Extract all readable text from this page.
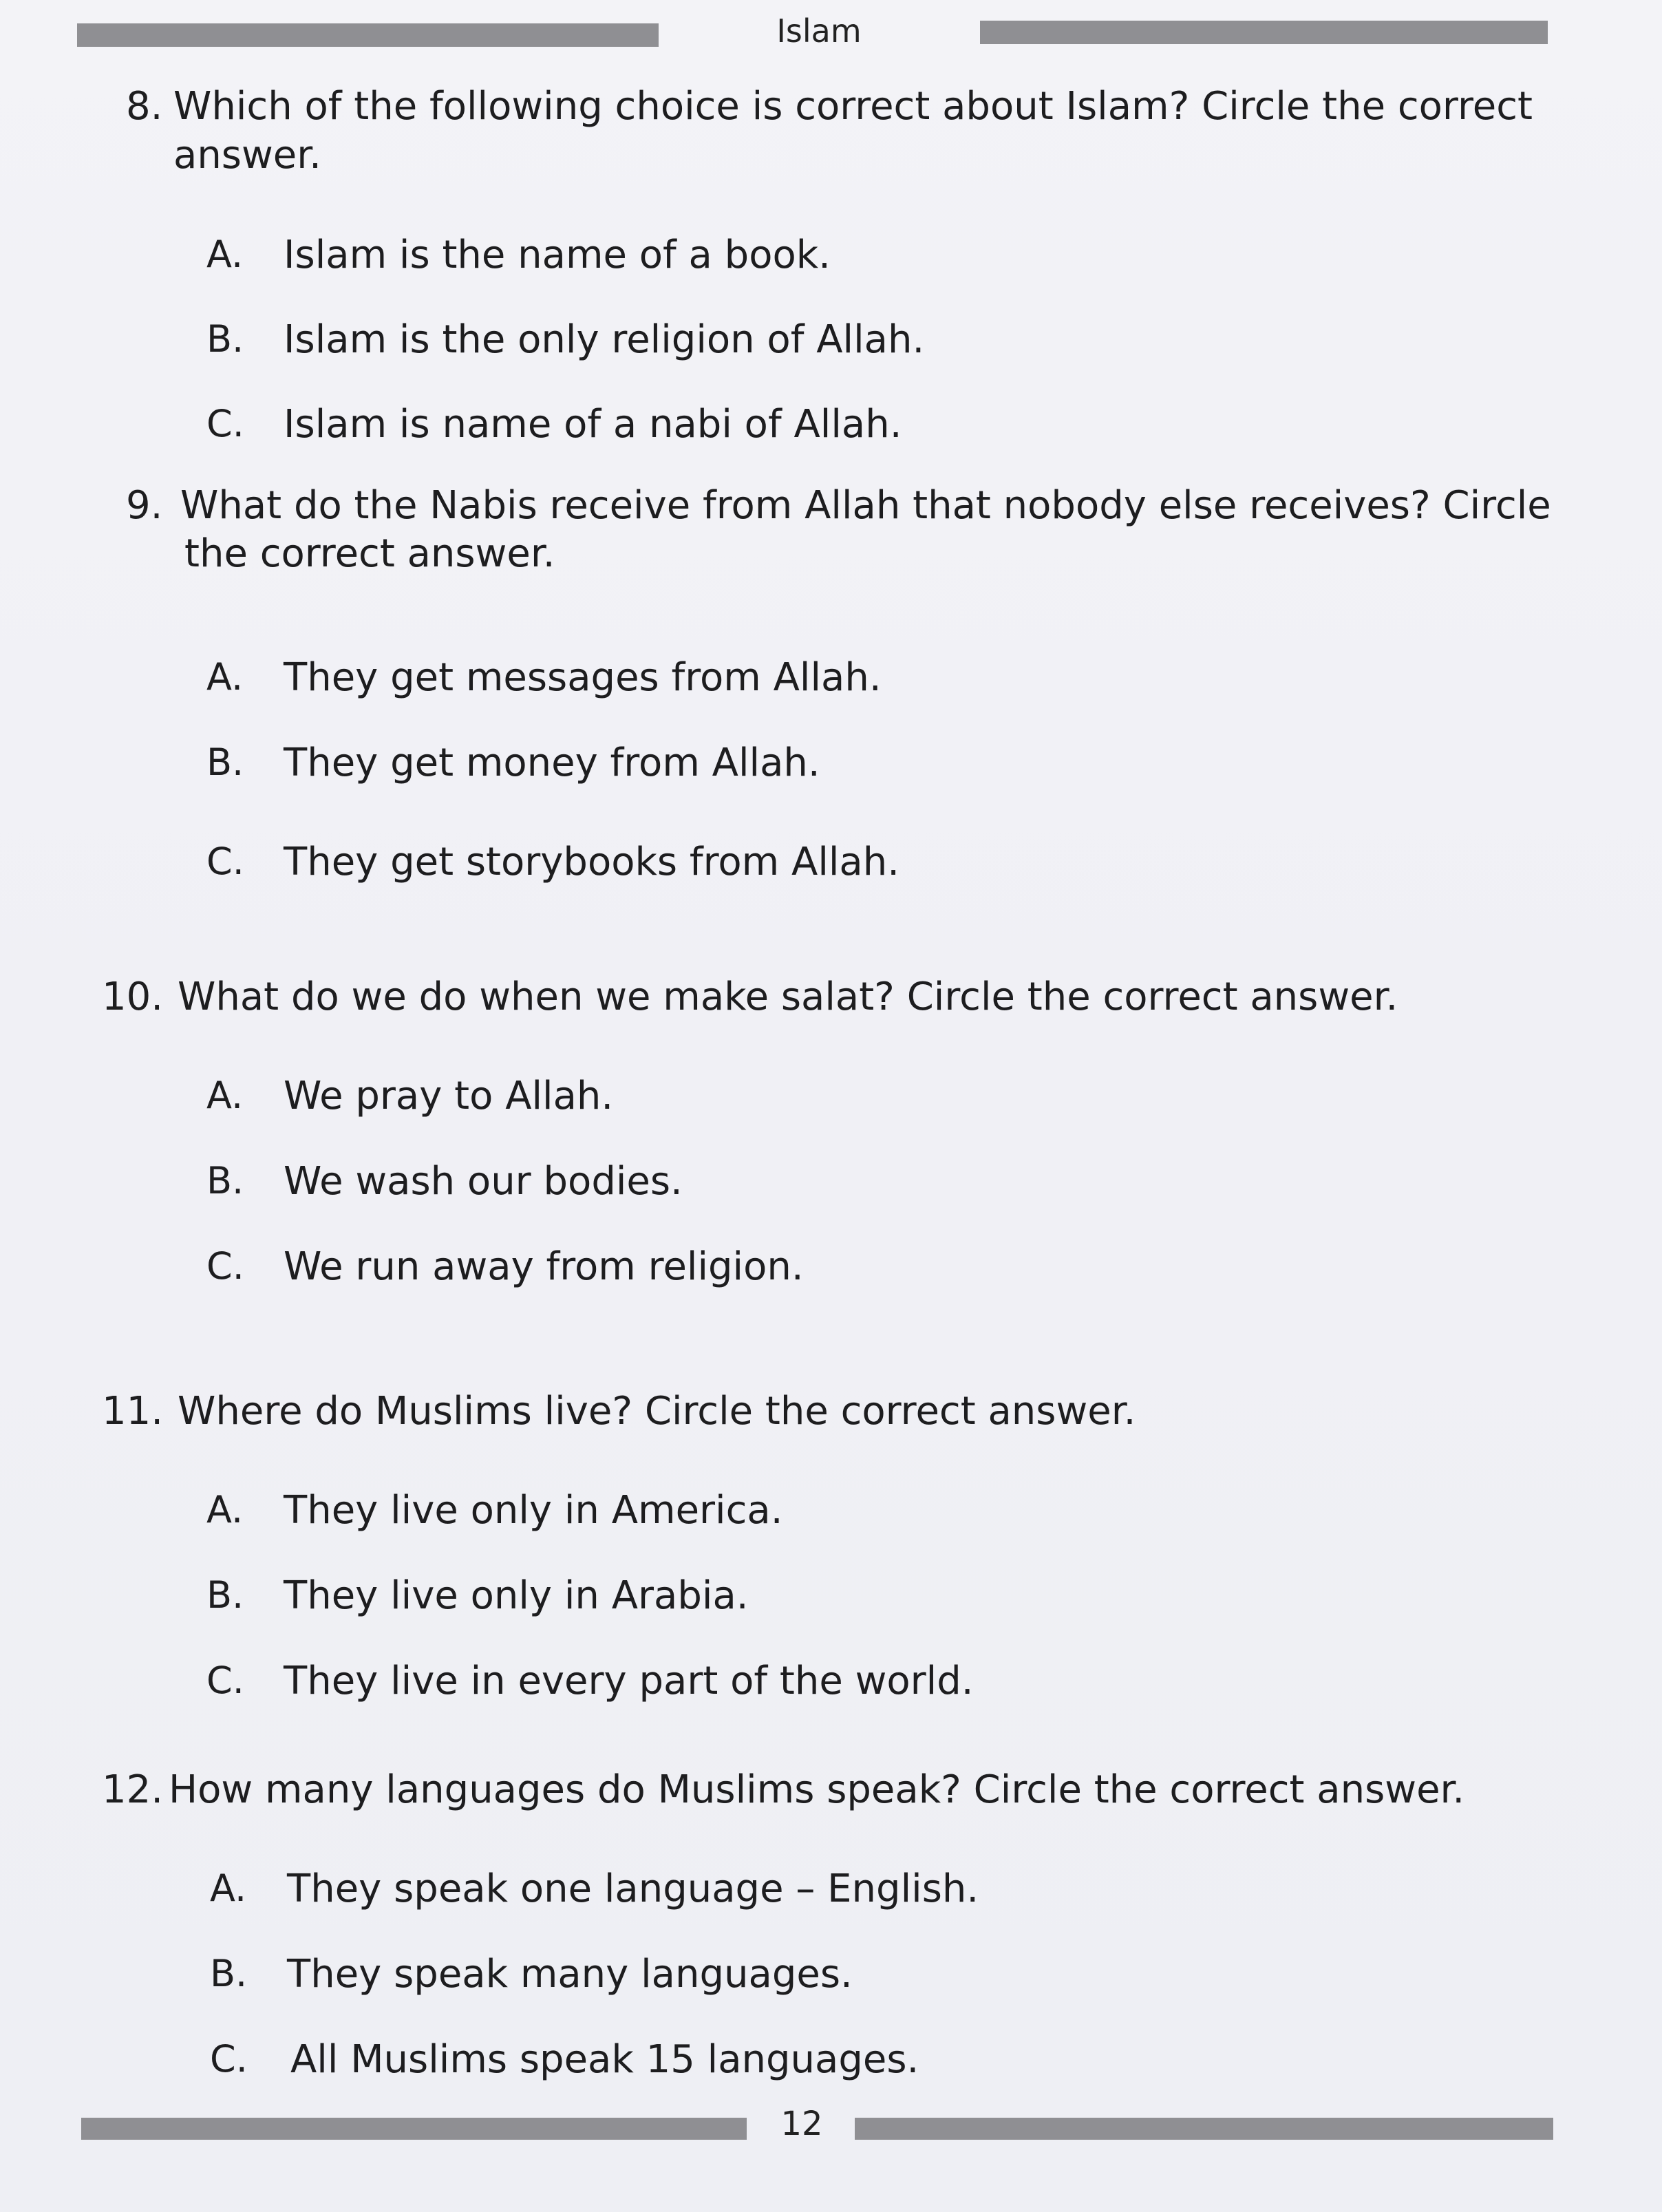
Islam
8. Which of the following choice is correct about Islam? Circle the correct
answer.
A. Islam is the name of a book.
B. Islam is the only religion of Allah.
C. Islam is name of a nabi of Allah.
9. What do the Nabis receive from Allah that nobody else receives? Circle
the correct answer.
A. They get messages from Allah.
B. They get money from Allah.
C. They get storybooks from Allah.
10. What do we do when we make salat? Circle the correct answer.
A. We pray to Allah.
B. We wash our bodies.
C. We run away from religion.
11. Where do Muslims live? Circle the correct answer.
A. They live only in America.
B. They live only in Arabia.
C. They live in every part of the world.
12. How many languages do Muslims speak? Circle the correct answer.
A. They speak one language – English.
B. They speak many languages.
C. All Muslims speak 15 languages.
12
